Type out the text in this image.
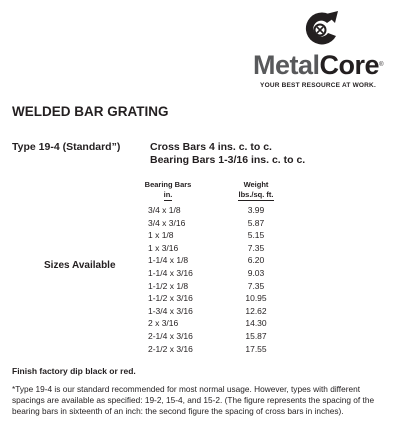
MetalCore®
YOUR BEST RESOURCE AT WORK.
WELDED BAR GRATING
Type 19-4 (Standard”)	Cross Bars 4 ins. c. to c.
Bearing Bars 1-3/16 ins. c. to c.
Bearing Bars
in.
Weight
lbs./sq. ft.
Sizes Available
3/4 x 1/8	3.99
3/4 x 3/16	5.87
1 x 1/8	5.15
1 x 3/16	7.35
1-1/4 x 1/8	6.20
1-1/4 x 3/16	9.03
1-1/2 x 1/8	7.35
1-1/2 x 3/16	10.95
1-3/4 x 3/16	12.62
2 x 3/16	14.30
2-1/4 x 3/16	15.87
2-1/2 x 3/16	17.55
Finish factory dip black or red.
*Type 19-4 is our standard recommended for most normal usage. However, types with different spacings are available as specified: 19-2, 15-4, and 15-2. (The figure represents the spacing of the bearing bars in sixteenth of an inch: the second figure the spacing of cross bars in inches).
